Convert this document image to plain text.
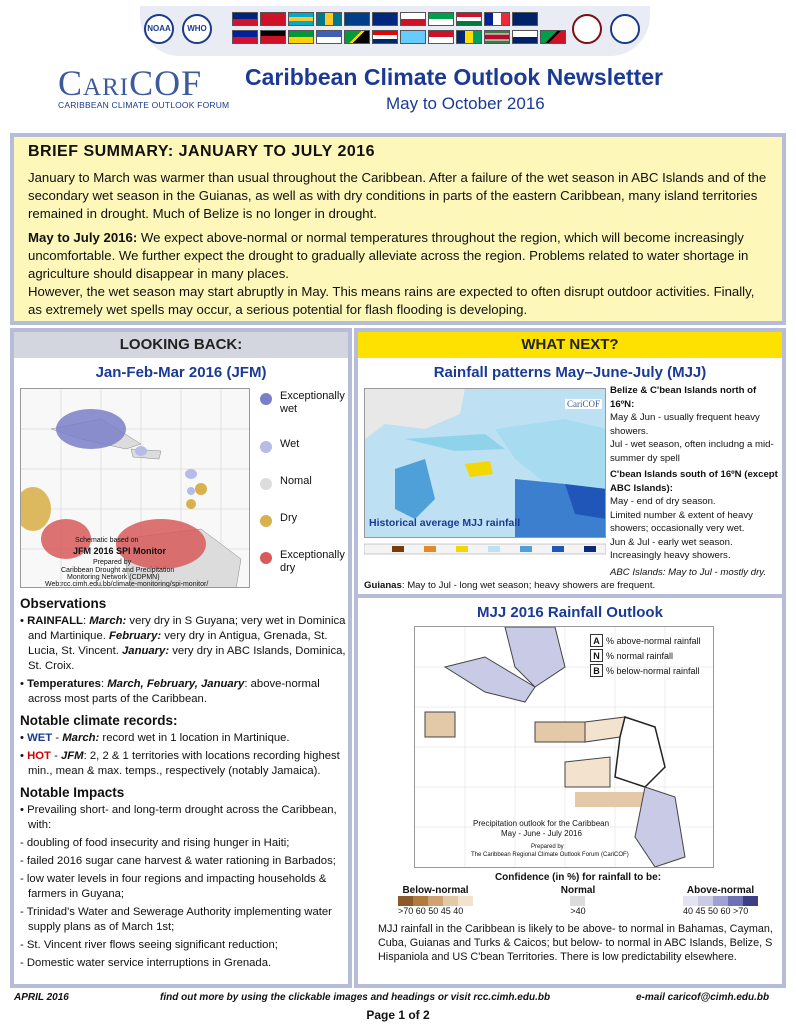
NOAA	WHO
CariCOF
CARIBBEAN CLIMATE OUTLOOK FORUM
Caribbean Climate Outlook Newsletter
May to October 2016
BRIEF SUMMARY: JANUARY TO JULY 2016
January to March was warmer than usual throughout the Caribbean. After a failure of the wet season in ABC Islands and of the secondary wet season in the Guianas, as well as with dry conditions in parts of the eastern Caribbean, many island territories remained in drought. Much of Belize is no longer in drought.
May to July 2016: We expect above-normal or normal temperatures throughout the region, which will become increasingly uncomfortable. We further expect the drought to gradually alleviate across the region. Problems related to water shortage in agriculture should disappear in many places.
However, the wet season may start abruptly in May. This means rains are expected to often disrupt outdoor activities. Finally, as extremely wet spells may occur, a serious potential for flash flooding is developing.
LOOKING BACK:
Jan-Feb-Mar 2016 (JFM)
Schematic based on
JFM 2016 SPI Monitor
Prepared by
Caribbean Drought and Precipitation
Monitoring Network (CDPMN)
Web:rcc.cimh.edu.bb/climate-monitoring/spi-monitor/
Exceptionally wet
Wet
Nomal
Dry
Exceptionally dry
Observations
• RAINFALL: March: very dry in S Guyana; very wet in Dominica and Martinique. February: very dry in Antigua, Grenada, St. Lucia, St. Vincent. January: very dry in ABC Islands, Dominica, St. Croix.
• Temperatures: March, February, January: above-normal across most parts of the Caribbean.
Notable climate records:
• WET - March: record wet in 1 location in Martinique.
• HOT - JFM: 2, 2 & 1 territories with locations recording highest min., mean & max. temps., respectively (notably Jamaica).
Notable Impacts
• Prevailing short- and long-term drought across the Caribbean, with:
- doubling of food insecurity and rising hunger in Haiti;
- failed 2016 sugar cane harvest & water rationing in Barbados;
- low water levels in four regions and impacting households & farmers in Guyana;
- Trinidad's Water and Sewerage Authority implementing water supply plans as of March 1st;
- St. Vincent river flows seeing significant reduction;
- Domestic water service interruptions in Grenada.
WHAT NEXT?
Rainfall patterns May–June-July (MJJ)
CariCOF
Historical average MJJ rainfall
Belize & C'bean Islands north of 16ºN:
May & Jun - usually frequent heavy showers.
Jul - wet season, often includng a mid-summer dy spell
C'bean Islands south of 16ºN (except ABC Islands):
May - end of dry season.
Limited number & extent of heavy showers; occasionally very wet.
Jun & Jul - early wet season.
Increasingly heavy showers.
ABC Islands: May to Jul - mostly dry.
Guianas: May to Jul - long wet season; heavy showers are frequent.
MJJ 2016 Rainfall Outlook
Precipitation outlook for the Caribbean
May - June - July 2016
Prepared by
The Caribbean Regional Climate Outlook Forum (CariCOF)
A % above-normal rainfall
N % normal rainfall
B % below-normal rainfall
Confidence (in %) for rainfall to be:
Below-normal
>70 60 50 45 40
Normal
>40
Above-normal
40 45 50 60 >70
MJJ rainfall in the Caribbean is likely to be above- to normal in Bahamas, Cayman, Cuba, Guianas and Turks & Caicos; but below- to normal in ABC Islands, Belize, S Hispaniola and US C'bean Territories. There is low predictability elsewhere.
APRIL 2016	find out more by using the clickable images and headings or visit rcc.cimh.edu.bb	e-mail caricof@cimh.edu.bb
Page 1 of 2
